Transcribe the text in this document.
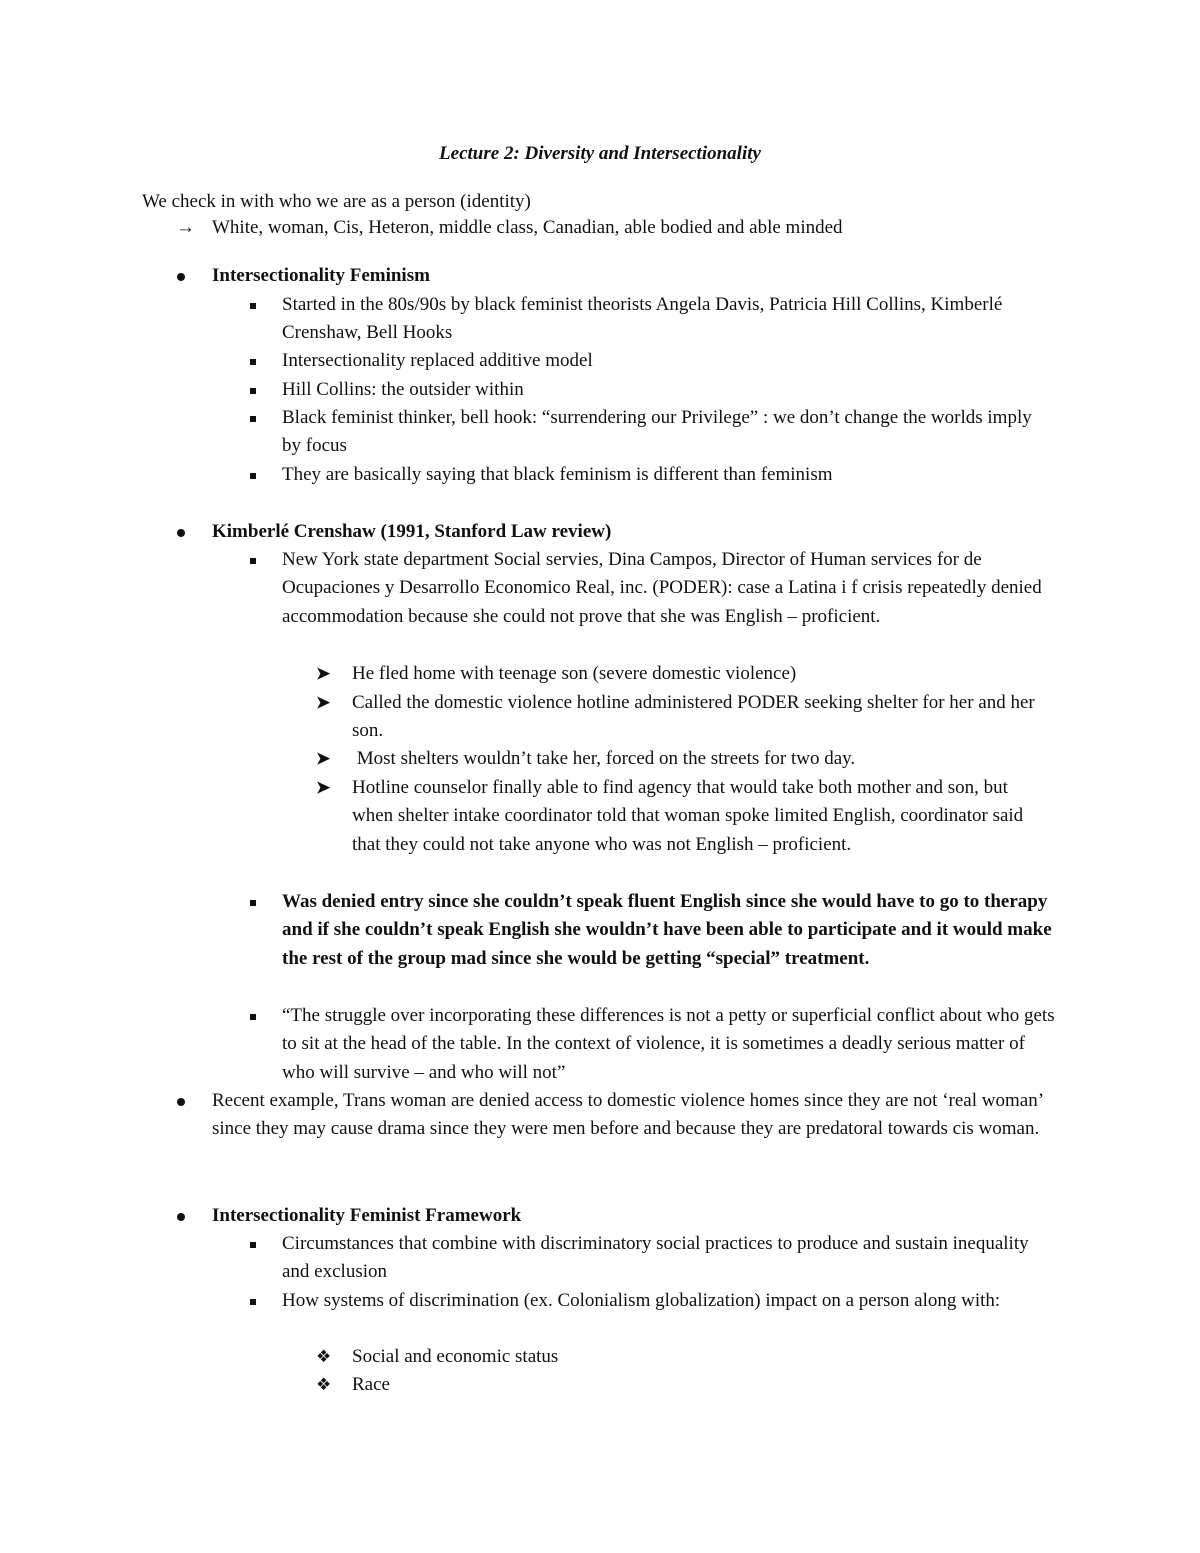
Lecture 2: Diversity and Intersectionality
We check in with who we are as a person (identity)
→ White, woman, Cis, Heteron, middle class, Canadian, able bodied and able minded
Intersectionality Feminism
Started in the 80s/90s by black feminist theorists Angela Davis, Patricia Hill Collins, Kimberlé Crenshaw, Bell Hooks
Intersectionality replaced additive model
Hill Collins: the outsider within
Black feminist thinker, bell hook: “surrendering our Privilege” : we don’t change the worlds imply by focus
They are basically saying that black feminism is different than feminism
Kimberlé Crenshaw (1991, Stanford Law review)
New York state department Social servies, Dina Campos, Director of Human services for de Ocupaciones y Desarrollo Economico Real, inc. (PODER): case a Latina i f crisis repeatedly denied accommodation because she could not prove that she was English – proficient.
➤ He fled home with teenage son (severe domestic violence)
➤ Called the domestic violence hotline administered PODER seeking shelter for her and her son.
➤ Most shelters wouldn’t take her, forced on the streets for two day.
➤ Hotline counselor finally able to find agency that would take both mother and son, but when shelter intake coordinator told that woman spoke limited English, coordinator said that they could not take anyone who was not English – proficient.
Was denied entry since she couldn’t speak fluent English since she would have to go to therapy and if she couldn’t speak English she wouldn’t have been able to participate and it would make the rest of the group mad since she would be getting “special” treatment.
“The struggle over incorporating these differences is not a petty or superficial conflict about who gets to sit at the head of the table. In the context of violence, it is sometimes a deadly serious matter of who will survive – and who will not”
Recent example, Trans woman are denied access to domestic violence homes since they are not ‘real woman’ since they may cause drama since they were men before and because they are predatoral towards cis woman.
Intersectionality Feminist Framework
Circumstances that combine with discriminatory social practices to produce and sustain inequality and exclusion
How systems of discrimination (ex. Colonialism globalization) impact on a person along with:
❖ Social and economic status
❖ Race
